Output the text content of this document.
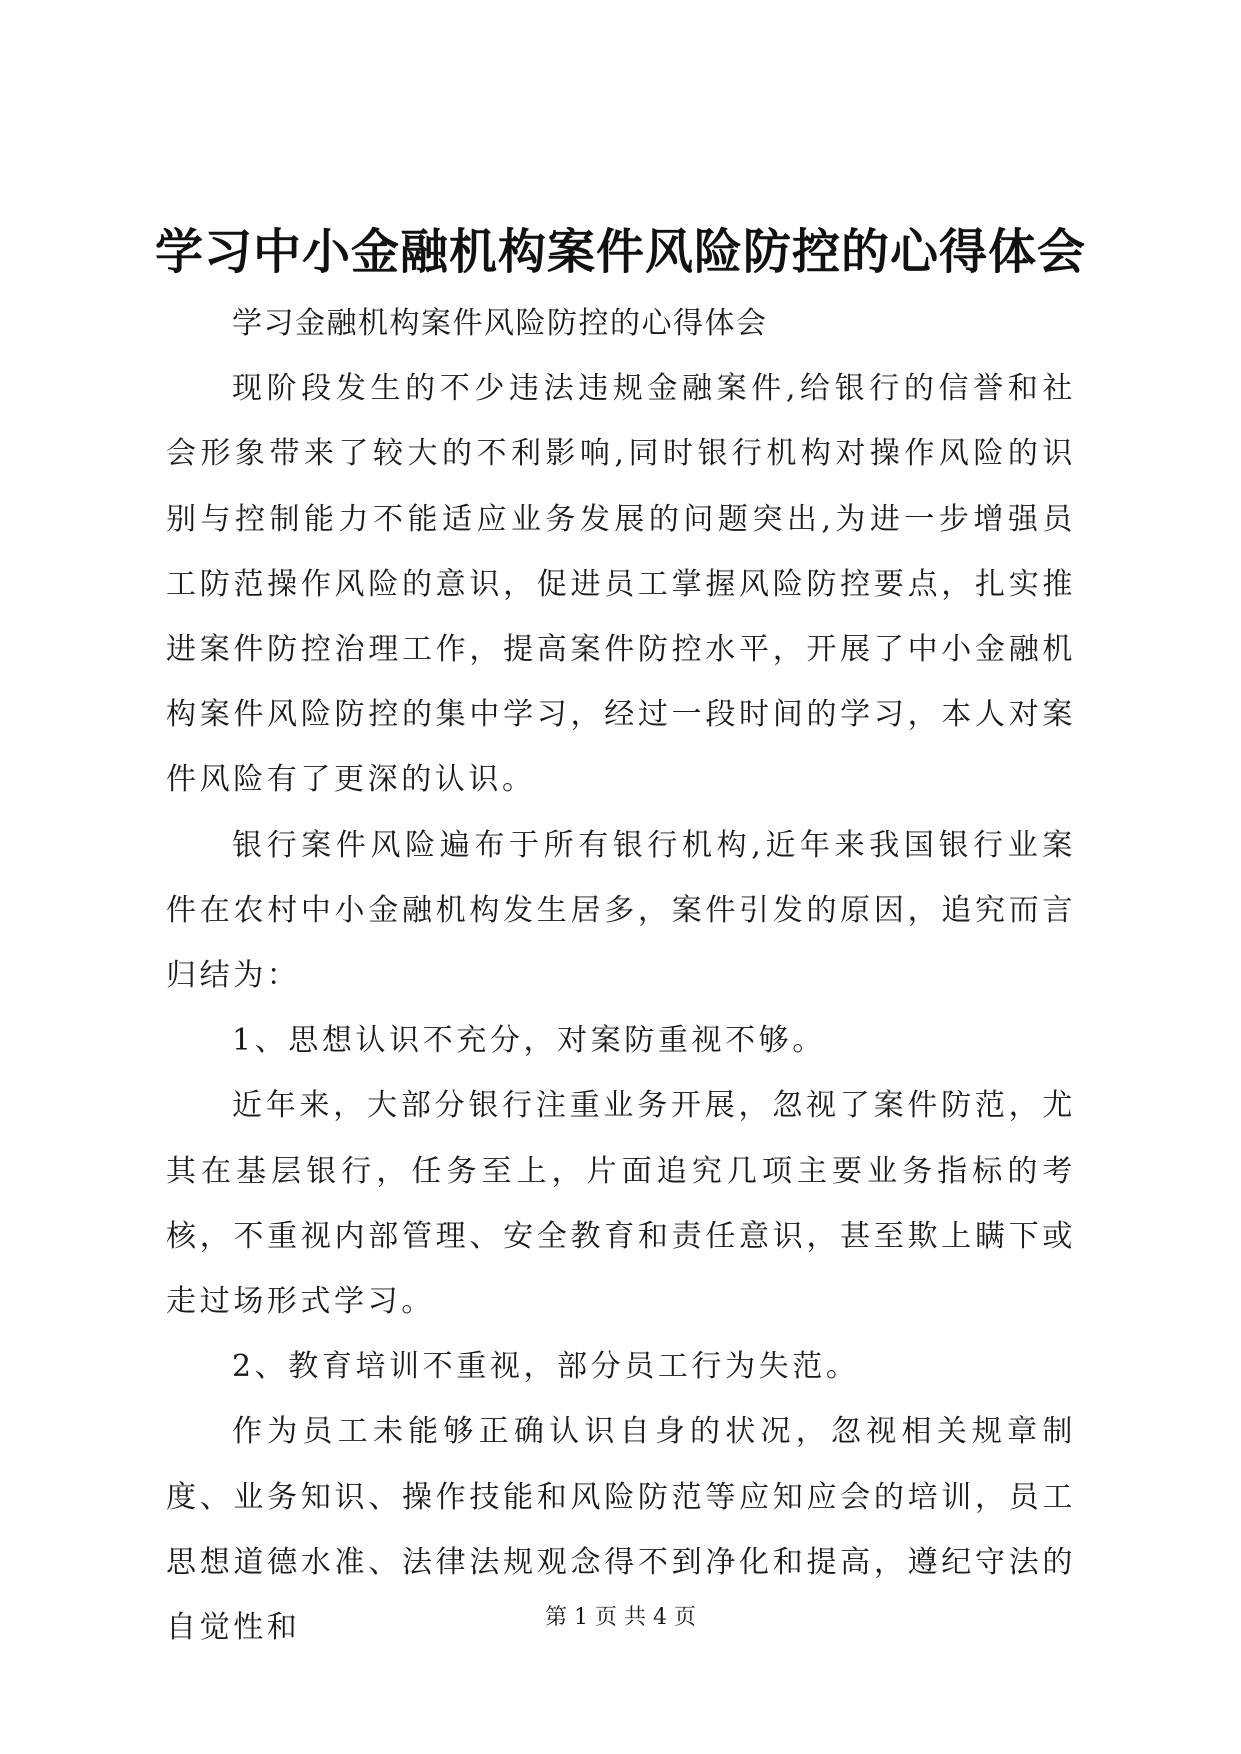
学习中小金融机构案件风险防控的心得体会

学习金融机构案件风险防控的心得体会

现阶段发生的不少违法违规金融案件,给银行的信誉和社会形象带来了较大的不利影响,同时银行机构对操作风险的识别与控制能力不能适应业务发展的问题突出,为进一步增强员工防范操作风险的意识，促进员工掌握风险防控要点，扎实推进案件防控治理工作，提高案件防控水平，开展了中小金融机构案件风险防控的集中学习，经过一段时间的学习，本人对案件风险有了更深的认识。

银行案件风险遍布于所有银行机构,近年来我国银行业案件在农村中小金融机构发生居多，案件引发的原因，追究而言归结为：

1、思想认识不充分，对案防重视不够。

近年来，大部分银行注重业务开展，忽视了案件防范，尤其在基层银行，任务至上，片面追究几项主要业务指标的考核，不重视内部管理、安全教育和责任意识，甚至欺上瞒下或走过场形式学习。

2、教育培训不重视，部分员工行为失范。

作为员工未能够正确认识自身的状况，忽视相关规章制度、业务知识、操作技能和风险防范等应知应会的培训，员工思想道德水准、法律法规观念得不到净化和提高，遵纪守法的自觉性和	第 1 页 共 4 页
